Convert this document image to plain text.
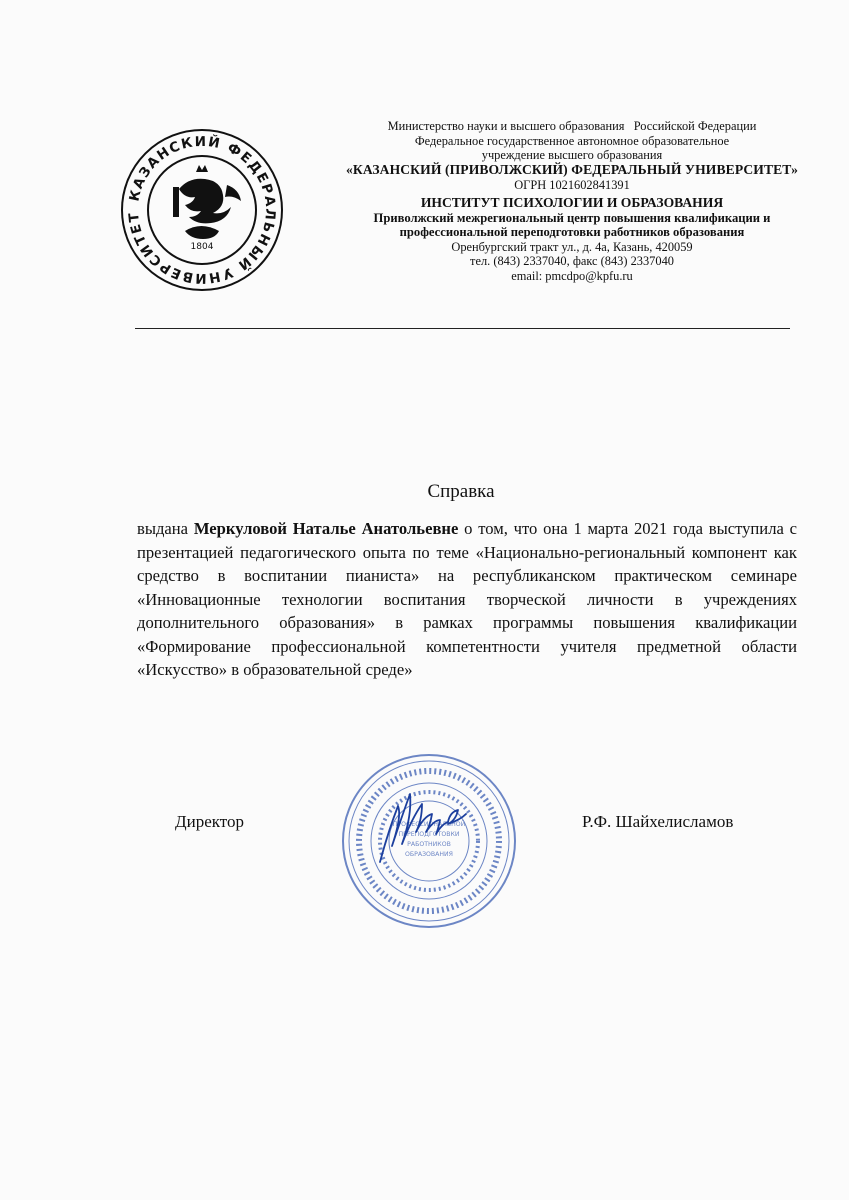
КАЗАНСКИЙ ФЕДЕРАЛЬНЫЙ УНИВЕРСИТЕТ
1804
Министерство науки и высшего образования   Российской Федерации
Федеральное государственное автономное образовательное
учреждение высшего образования
«КАЗАНСКИЙ (ПРИВОЛЖСКИЙ) ФЕДЕРАЛЬНЫЙ УНИВЕРСИТЕТ»
ОГРН 1021602841391
ИНСТИТУТ ПСИХОЛОГИИ И ОБРАЗОВАНИЯ
Приволжский межрегиональный центр повышения квалификации и
профессиональной переподготовки работников образования
Оренбургский тракт ул., д. 4а, Казань, 420059
тел. (843) 2337040, факс (843) 2337040
email: pmcdpo@kpfu.ru
Справка
выдана Меркуловой Наталье Анатольевне о том, что она 1 марта 2021 года выступила с презентацией педагогического опыта по теме «Национально-региональный компонент как средство в воспитании пианиста» на республиканском практическом семинаре «Инновационные технологии воспитания творческой личности в учреждениях дополнительного образования» в рамках программы повышения квалификации «Формирование профессиональной компетентности учителя предметной области «Искусство» в образовательной среде»
ПРОФЕССИОНАЛЬНОЙ
ПЕРЕПОДГОТОВКИ
РАБОТНИКОВ
ОБРАЗОВАНИЯ
Директор	Р.Ф. Шайхелисламов
